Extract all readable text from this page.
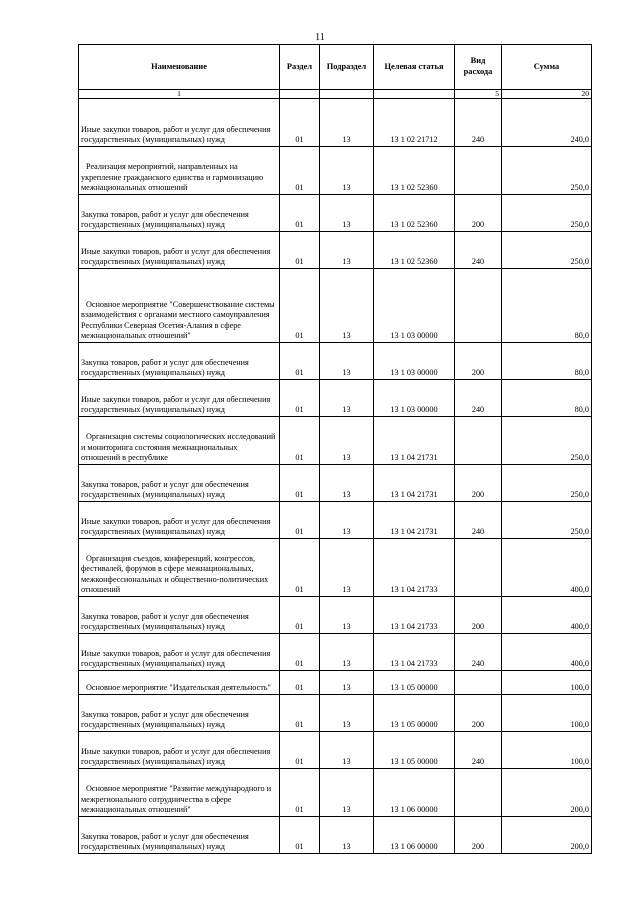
11
Наименование	Раздел	Подраздел	Целевая статья	Вид расхода	Сумма
1				5	20
Иные закупки товаров, работ и услуг для обеспечения государственных (муниципальных) нужд	01	13	13 1 02 21712	240	240,0
Реализация мероприятий, направленных на укрепление гражданского единства и гармонизацию межнациональных отношений	01	13	13 1 02 52360		250,0
Закупка товаров, работ и услуг для обеспечения государственных (муниципальных) нужд	01	13	13 1 02 52360	200	250,0
Иные закупки товаров, работ и услуг для обеспечения государственных (муниципальных) нужд	01	13	13 1 02 52360	240	250,0
Основное мероприятие "Совершенствование системы взаимодействия с органами местного самоуправления Республики Северная Осетия-Алания в сфере межнациональных отношений"	01	13	13 1 03 00000		80,0
Закупка товаров, работ и услуг для обеспечения государственных (муниципальных) нужд	01	13	13 1 03 00000	200	80,0
Иные закупки товаров, работ и услуг для обеспечения государственных (муниципальных) нужд	01	13	13 1 03 00000	240	80,0
Организация системы социологических исследований и мониторинга состояния межнациональных отношений в республике	01	13	13 1 04 21731		250,0
Закупка товаров, работ и услуг для обеспечения государственных (муниципальных) нужд	01	13	13 1 04 21731	200	250,0
Иные закупки товаров, работ и услуг для обеспечения государственных (муниципальных) нужд	01	13	13 1 04 21731	240	250,0
Организация съездов, конференций, конгрессов, фестивалей, форумов в сфере межнациональных, межконфессиональных и общественно-политических отношений	01	13	13 1 04 21733		400,0
Закупка товаров, работ и услуг для обеспечения государственных (муниципальных) нужд	01	13	13 1 04 21733	200	400,0
Иные закупки товаров, работ и услуг для обеспечения государственных (муниципальных) нужд	01	13	13 1 04 21733	240	400,0
Основное мероприятие "Издательская деятельность"	01	13	13 1 05 00000		100,0
Закупка товаров, работ и услуг для обеспечения государственных (муниципальных) нужд	01	13	13 1 05 00000	200	100,0
Иные закупки товаров, работ и услуг для обеспечения государственных (муниципальных) нужд	01	13	13 1 05 00000	240	100,0
Основное мероприятие "Развитие международного и межрегионального сотрудничества в сфере межнациональных отношений"	01	13	13 1 06 00000		200,0
Закупка товаров, работ и услуг для обеспечения государственных (муниципальных) нужд	01	13	13 1 06 00000	200	200,0
